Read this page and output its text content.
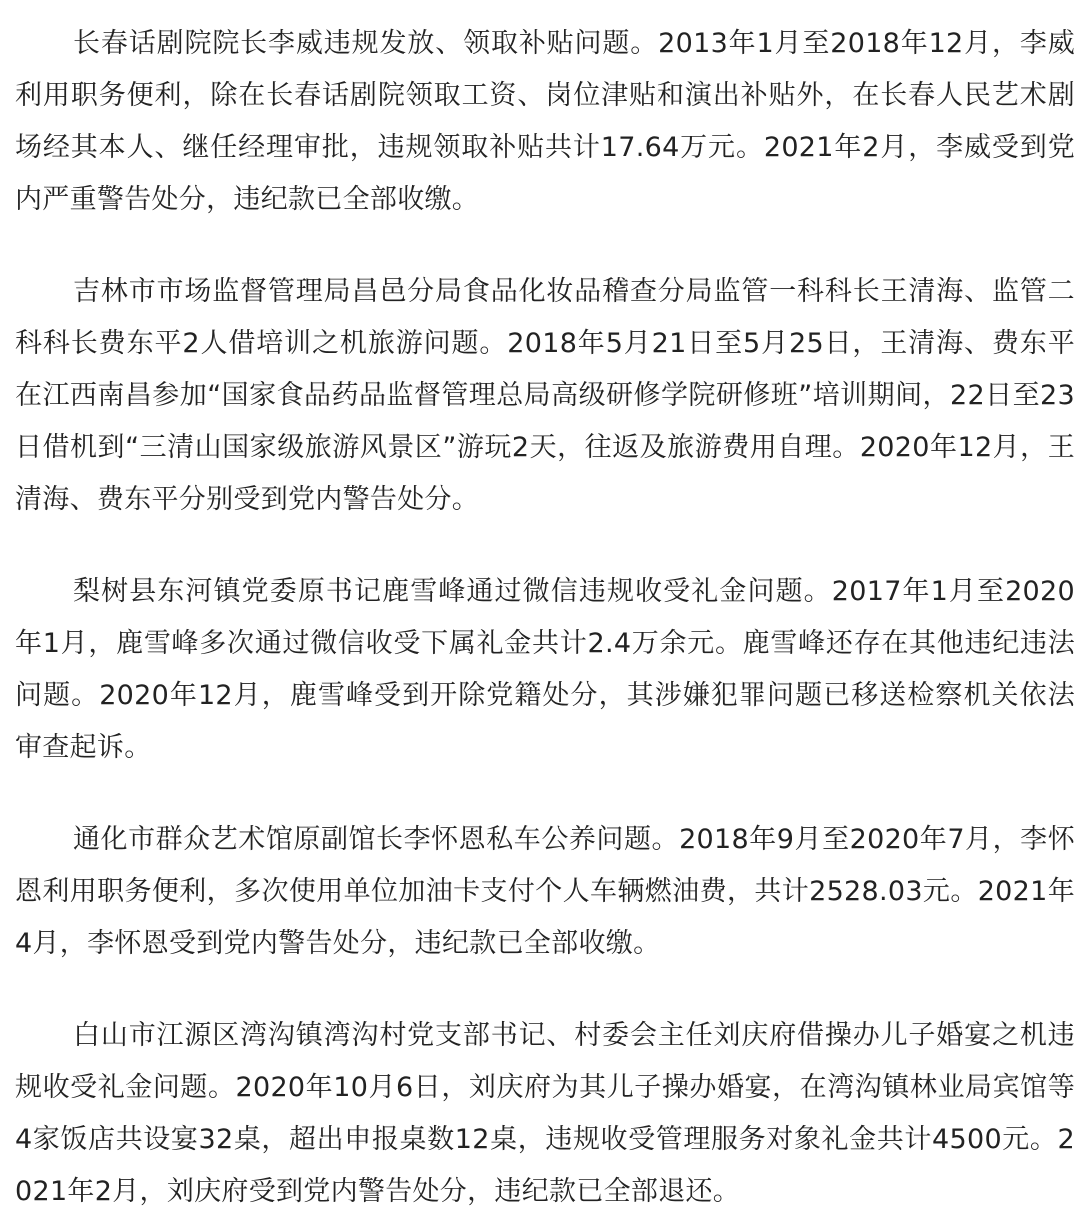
长春话剧院院长李威违规发放、领取补贴问题。2013年1月至2018年12月，李威利用职务便利，除在长春话剧院领取工资、岗位津贴和演出补贴外，在长春人民艺术剧场经其本人、继任经理审批，违规领取补贴共计17.64万元。2021年2月，李威受到党内严重警告处分，违纪款已全部收缴。

吉林市市场监督管理局昌邑分局食品化妆品稽查分局监管一科科长王清海、监管二科科长费东平2人借培训之机旅游问题。2018年5月21日至5月25日，王清海、费东平在江西南昌参加“国家食品药品监督管理总局高级研修学院研修班”培训期间，22日至23日借机到“三清山国家级旅游风景区”游玩2天，往返及旅游费用自理。2020年12月，王清海、费东平分别受到党内警告处分。

梨树县东河镇党委原书记鹿雪峰通过微信违规收受礼金问题。2017年1月至2020年1月，鹿雪峰多次通过微信收受下属礼金共计2.4万余元。鹿雪峰还存在其他违纪违法问题。2020年12月，鹿雪峰受到开除党籍处分，其涉嫌犯罪问题已移送检察机关依法审查起诉。

通化市群众艺术馆原副馆长李怀恩私车公养问题。2018年9月至2020年7月，李怀恩利用职务便利，多次使用单位加油卡支付个人车辆燃油费，共计2528.03元。2021年4月，李怀恩受到党内警告处分，违纪款已全部收缴。

白山市江源区湾沟镇湾沟村党支部书记、村委会主任刘庆府借操办儿子婚宴之机违规收受礼金问题。2020年10月6日，刘庆府为其儿子操办婚宴，在湾沟镇林业局宾馆等4家饭店共设宴32桌，超出申报桌数12桌，违规收受管理服务对象礼金共计4500元。2021年2月，刘庆府受到党内警告处分，违纪款已全部退还。
